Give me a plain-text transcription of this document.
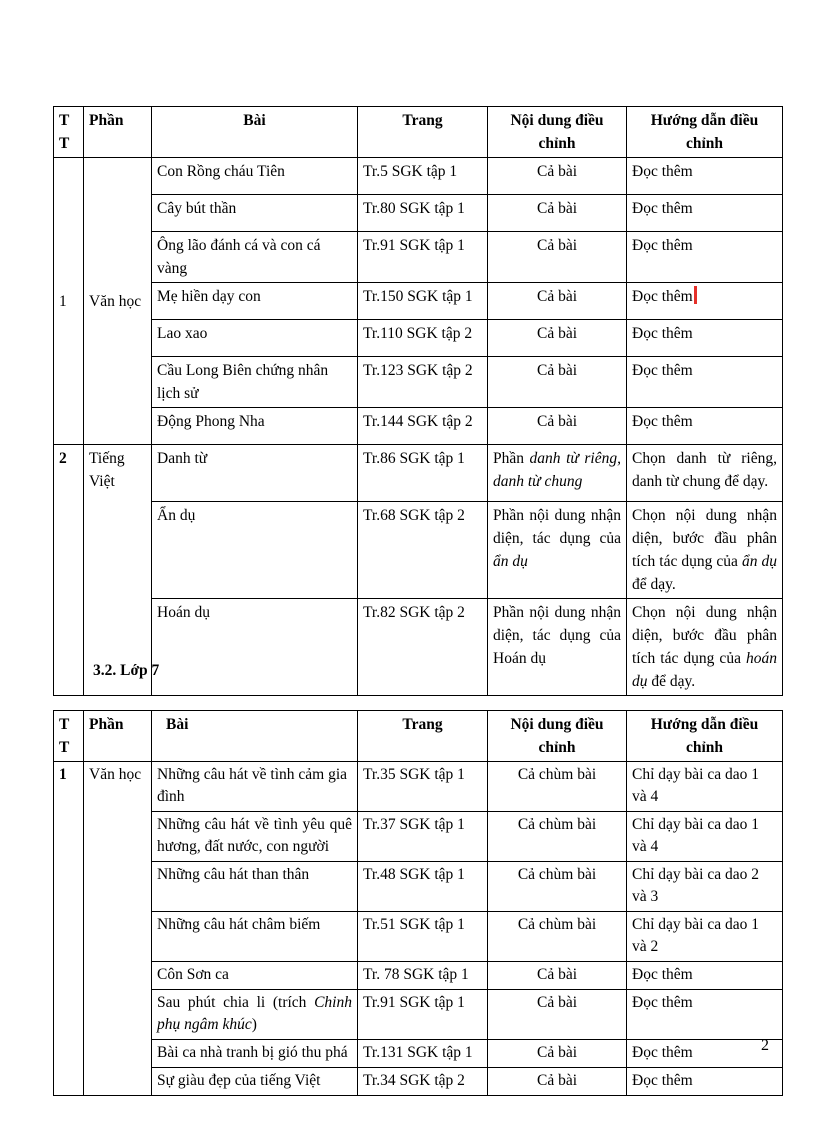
TT	Phần	Bài	Trang	Nội dung điều chỉnh	Hướng dẫn điều chỉnh
1	Văn học	Con Rồng cháu Tiên	Tr.5 SGK tập 1	Cả bài	Đọc thêm
		Cây bút thần	Tr.80 SGK tập 1	Cả bài	Đọc thêm
		Ông lão đánh cá và con cá vàng	Tr.91 SGK tập 1	Cả bài	Đọc thêm
		Mẹ hiền dạy con	Tr.150 SGK tập 1	Cả bài	Đọc thêm
		Lao xao	Tr.110 SGK tập 2	Cả bài	Đọc thêm
		Cầu Long Biên chứng nhân lịch sử	Tr.123 SGK tập 2	Cả bài	Đọc thêm
		Động Phong Nha	Tr.144 SGK tập 2	Cả bài	Đọc thêm
2	Tiếng Việt	Danh từ	Tr.86 SGK tập 1	Phần danh từ riêng, danh từ chung	Chọn danh từ riêng, danh từ chung để dạy.
		Ẩn dụ	Tr.68 SGK tập 2	Phần nội dung nhận diện, tác dụng của ẩn dụ	Chọn nội dung nhận diện, bước đầu phân tích tác dụng của ẩn dụ để dạy.
		Hoán dụ	Tr.82 SGK tập 2	Phần nội dung nhận diện, tác dụng của Hoán dụ	Chọn nội dung nhận diện, bước đầu phân tích tác dụng của hoán dụ để dạy.
3.2. Lớp 7
TT	Phần	Bài	Trang	Nội dung điều chỉnh	Hướng dẫn điều chỉnh
1	Văn học	Những câu hát về tình cảm gia đình	Tr.35 SGK tập 1	Cả chùm bài	Chỉ dạy bài ca dao 1 và 4
		Những câu hát về tình yêu quê hương, đất nước, con người	Tr.37 SGK tập 1	Cả chùm bài	Chỉ dạy bài ca dao 1 và 4
		Những câu hát than thân	Tr.48 SGK tập 1	Cả chùm bài	Chỉ dạy bài ca dao 2 và 3
		Những câu hát châm biếm	Tr.51 SGK tập 1	Cả chùm bài	Chỉ dạy bài ca dao 1 và 2
		Côn Sơn ca	Tr. 78 SGK tập 1	Cả bài	Đọc thêm
		Sau phút chia li (trích Chinh phụ ngâm khúc)	Tr.91 SGK tập 1	Cả bài	Đọc thêm
		Bài ca nhà tranh bị gió thu phá	Tr.131 SGK tập 1	Cả bài	Đọc thêm
		Sự giàu đẹp của tiếng Việt	Tr.34 SGK tập 2	Cả bài	Đọc thêm
2
